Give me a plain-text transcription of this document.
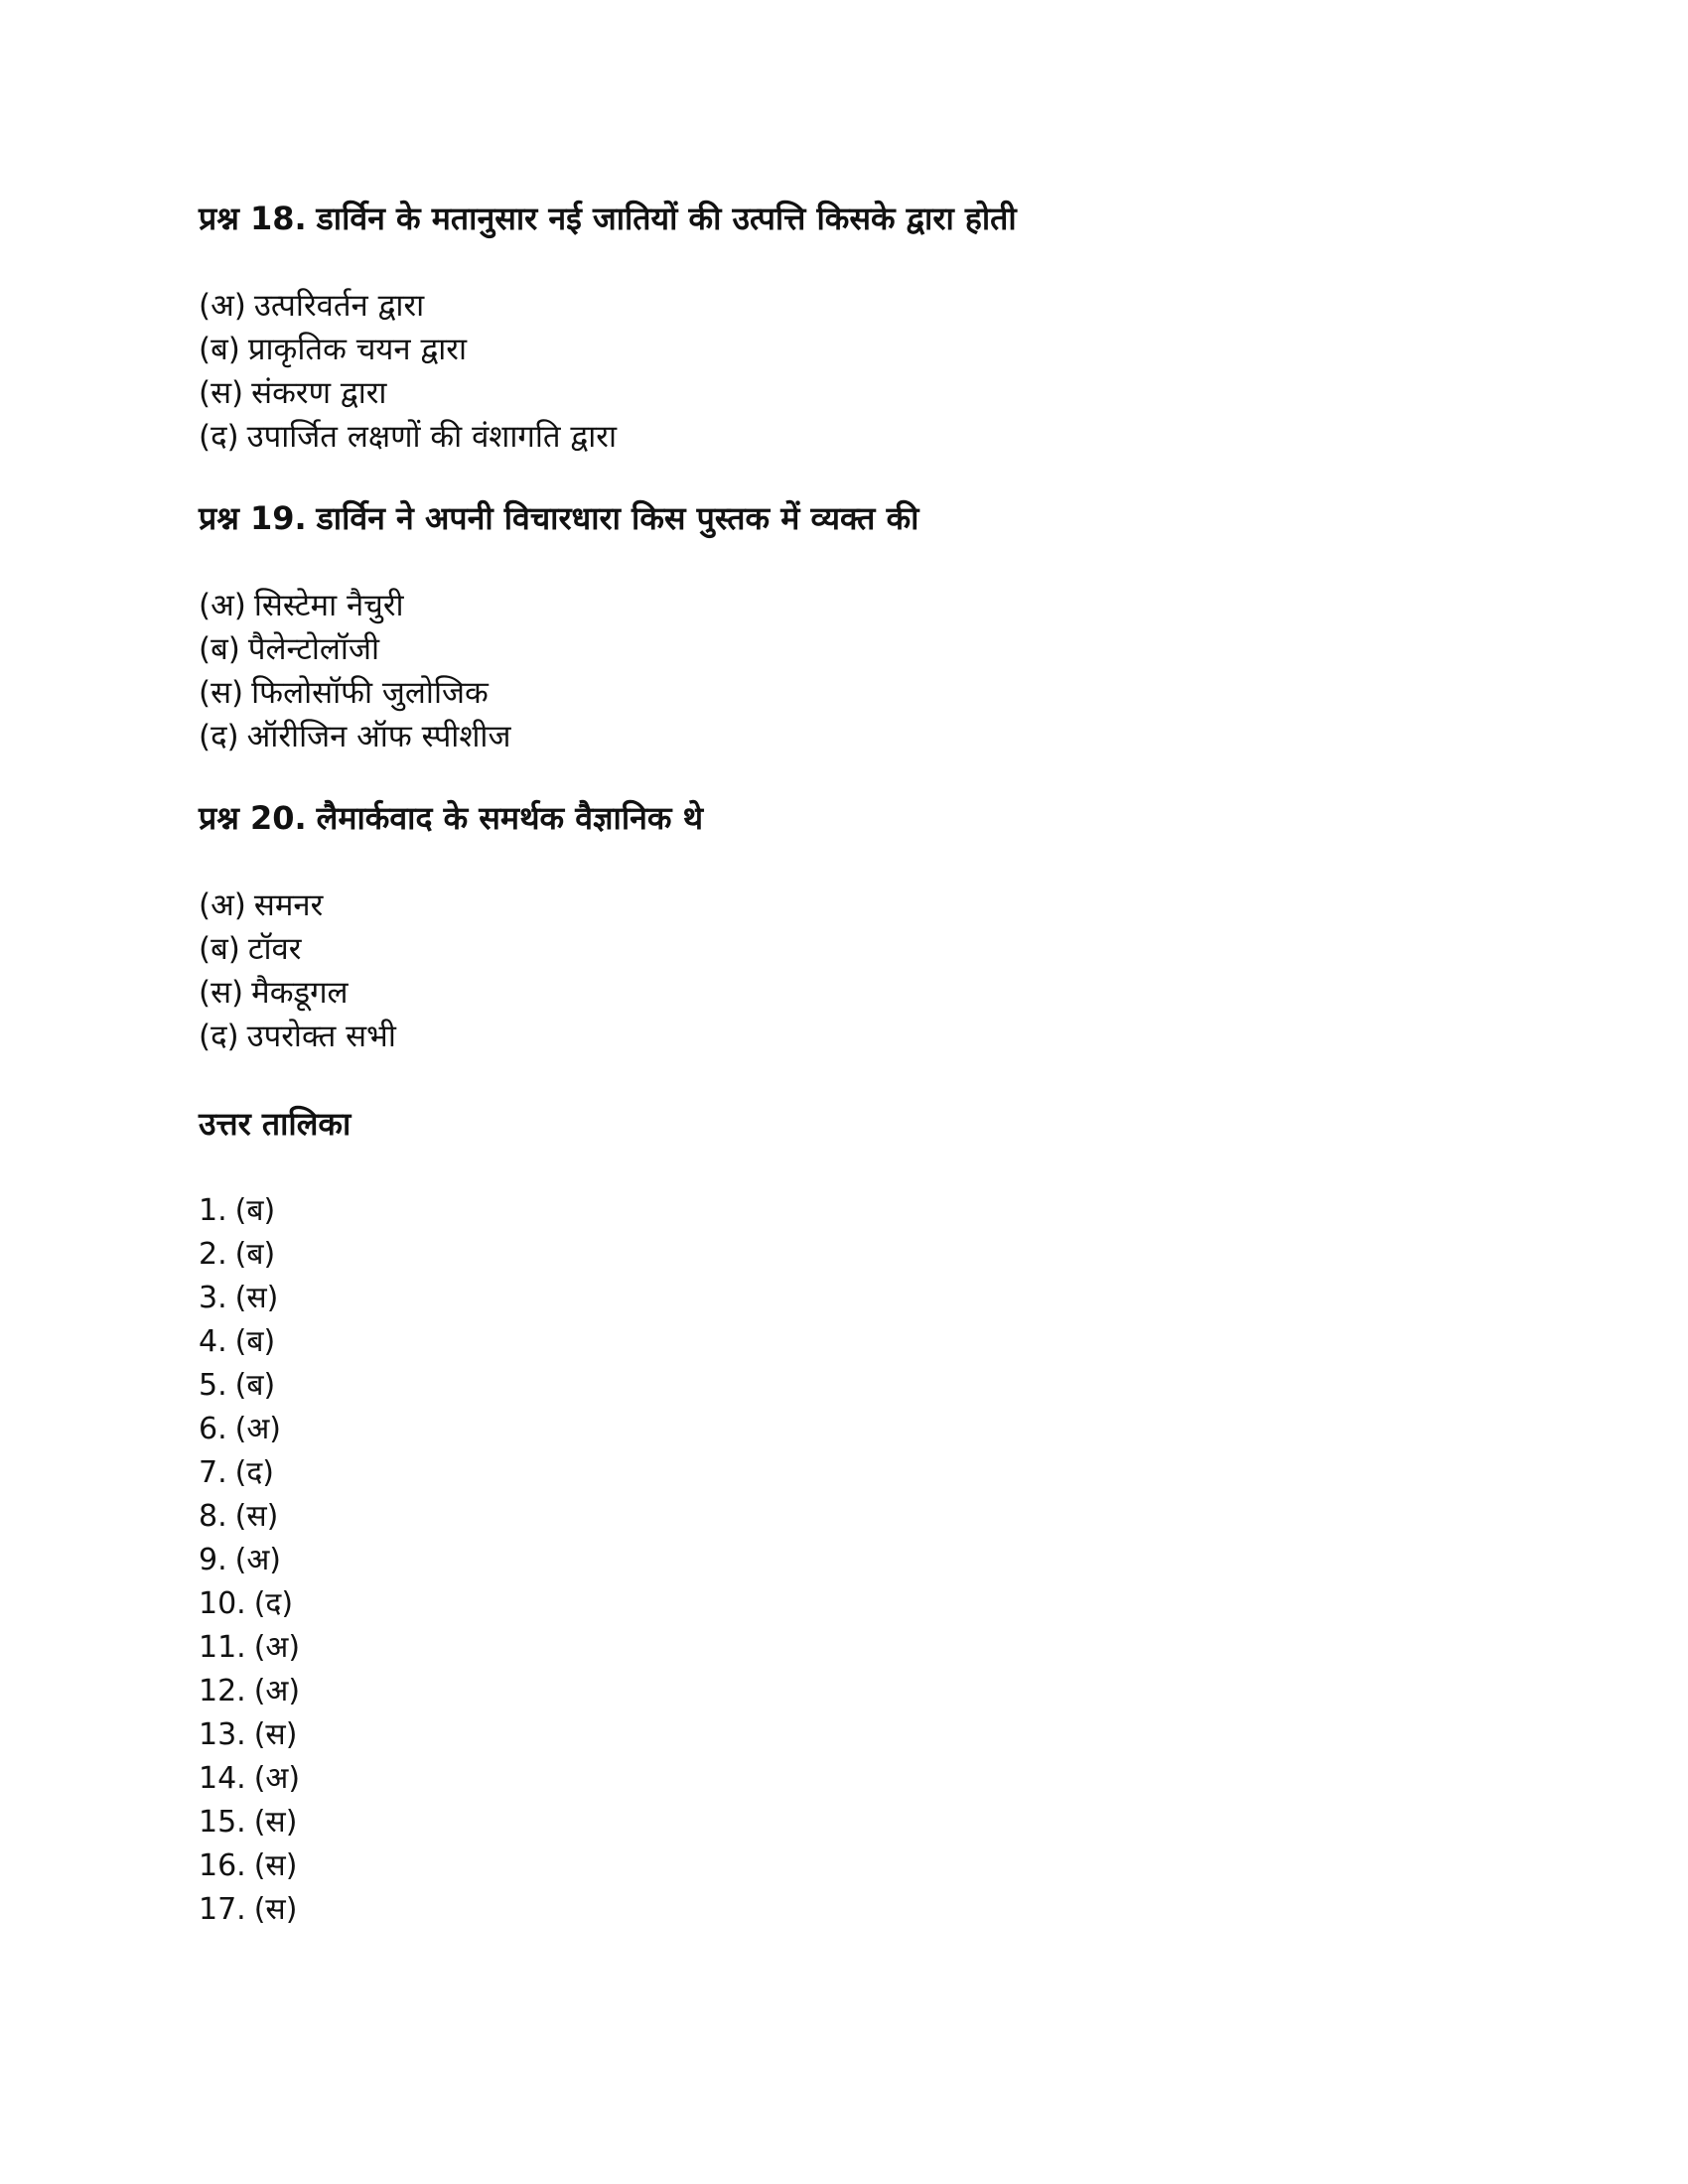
प्रश्न 18. डार्विन के मतानुसार नई जातियों की उत्पत्ति किसके द्वारा होती
(अ) उत्परिवर्तन द्वारा
(ब) प्राकृतिक चयन द्वारा
(स) संकरण द्वारा
(द) उपार्जित लक्षणों की वंशागति द्वारा
प्रश्न 19. डार्विन ने अपनी विचारधारा किस पुस्तक में व्यक्त की
(अ) सिस्टेमा नैचुरी
(ब) पैलेन्टोलॉजी
(स) फिलोसॉफी जुलोजिक
(द) ऑरीजिन ऑफ स्पीशीज
प्रश्न 20. लैमार्कवाद के समर्थक वैज्ञानिक थे
(अ) समनर
(ब) टॉवर
(स) मैकडूगल
(द) उपरोक्त सभी
उत्तर तालिका
1. (ब)
2. (ब)
3. (स)
4. (ब)
5. (ब)
6. (अ)
7. (द)
8. (स)
9. (अ)
10. (द)
11. (अ)
12. (अ)
13. (स)
14. (अ)
15. (स)
16. (स)
17. (स)
